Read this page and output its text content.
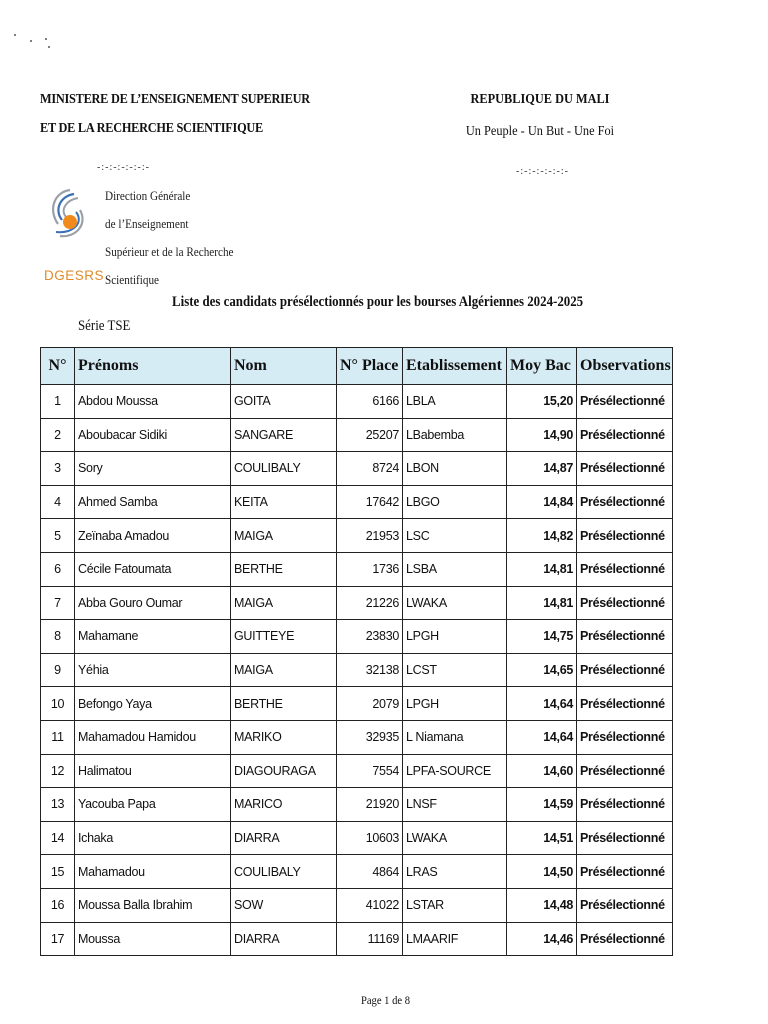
MINISTERE DE L’ENSEIGNEMENT SUPERIEUR
ET DE LA RECHERCHE SCIENTIFIQUE
-:-:-:-:-:-:-
REPUBLIQUE DU MALI
Un Peuple - Un But - Une Foi
-:-:-:-:-:-:-
DGESRS
Direction Générale
de l’Enseignement
Supérieur et de la Recherche
Scientifique
Liste des candidats présélectionnés pour les bourses Algériennes 2024-2025
Série TSE
N°	Prénoms	Nom	N° Place	Etablissement	Moy Bac	Observations
1	Abdou Moussa	GOITA	6166	LBLA	15,20	Présélectionné
2	Aboubacar Sidiki	SANGARE	25207	LBabemba	14,90	Présélectionné
3	Sory	COULIBALY	8724	LBON	14,87	Présélectionné
4	Ahmed Samba	KEITA	17642	LBGO	14,84	Présélectionné
5	Zeïnaba Amadou	MAIGA	21953	LSC	14,82	Présélectionné
6	Cécile Fatoumata	BERTHE	1736	LSBA	14,81	Présélectionné
7	Abba Gouro Oumar	MAIGA	21226	LWAKA	14,81	Présélectionné
8	Mahamane	GUITTEYE	23830	LPGH	14,75	Présélectionné
9	Yéhia	MAIGA	32138	LCST	14,65	Présélectionné
10	Befongo Yaya	BERTHE	2079	LPGH	14,64	Présélectionné
11	Mahamadou Hamidou	MARIKO	32935	L Niamana	14,64	Présélectionné
12	Halimatou	DIAGOURAGA	7554	LPFA-SOURCE	14,60	Présélectionné
13	Yacouba Papa	MARICO	21920	LNSF	14,59	Présélectionné
14	Ichaka	DIARRA	10603	LWAKA	14,51	Présélectionné
15	Mahamadou	COULIBALY	4864	LRAS	14,50	Présélectionné
16	Moussa Balla Ibrahim	SOW	41022	LSTAR	14,48	Présélectionné
17	Moussa	DIARRA	11169	LMAARIF	14,46	Présélectionné
Page 1 de 8
